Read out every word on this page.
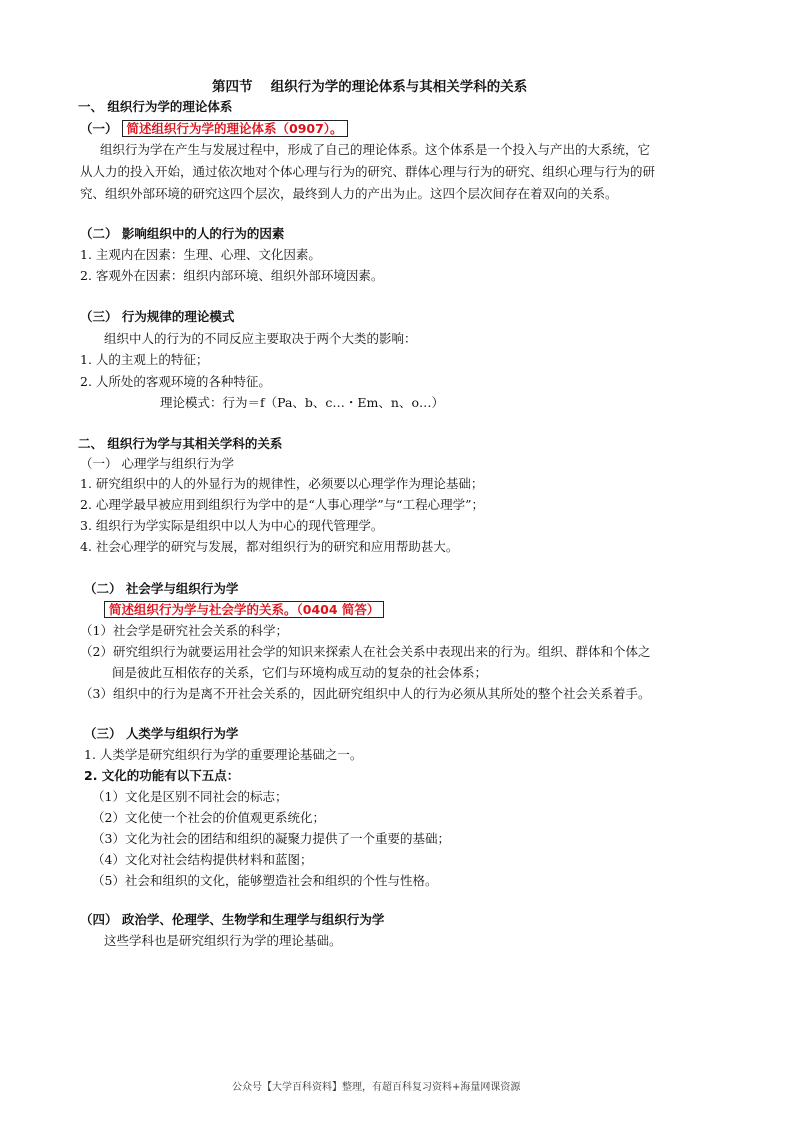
第四节 　组织行为学的理论体系与其相关学科的关系
一、 组织行为学的理论体系
（一） 简述组织行为学的理论体系（0907）。
组织行为学在产生与发展过程中，形成了自己的理论体系。这个体系是一个投入与产出的大系统，它
从人力的投入开始，通过依次地对个体心理与行为的研究、群体心理与行为的研究、组织心理与行为的研
究、组织外部环境的研究这四个层次，最终到人力的产出为止。这四个层次间存在着双向的关系。
（二） 影响组织中的人的行为的因素
1. 主观内在因素：生理、心理、文化因素。
2. 客观外在因素：组织内部环境、组织外部环境因素。
（三） 行为规律的理论模式
组织中人的行为的不同反应主要取决于两个大类的影响：
1. 人的主观上的特征；
2. 人所处的客观环境的各种特征。
理论模式：行为＝f（Pa、b、c…・Em、n、o…）
二、 组织行为学与其相关学科的关系
（一） 心理学与组织行为学
1. 研究组织中的人的外显行为的规律性，必须要以心理学作为理论基础；
2. 心理学最早被应用到组织行为学中的是“人事心理学”与“工程心理学”；
3. 组织行为学实际是组织中以人为中心的现代管理学。
4. 社会心理学的研究与发展，都对组织行为的研究和应用帮助甚大。
（二） 社会学与组织行为学
简述组织行为学与社会学的关系。（0404 简答）
（1）社会学是研究社会关系的科学；
（2）研究组织行为就要运用社会学的知识来探索人在社会关系中表现出来的行为。组织、群体和个体之
间是彼此互相依存的关系，它们与环境构成互动的复杂的社会体系；
（3）组织中的行为是离不开社会关系的，因此研究组织中人的行为必须从其所处的整个社会关系着手。
（三） 人类学与组织行为学
1. 人类学是研究组织行为学的重要理论基础之一。
2. 文化的功能有以下五点：
（1）文化是区别不同社会的标志；
（2）文化使一个社会的价值观更系统化；
（3）文化为社会的团结和组织的凝聚力提供了一个重要的基础；
（4）文化对社会结构提供材料和蓝图；
（5）社会和组织的文化，能够塑造社会和组织的个性与性格。
（四） 政治学、伦理学、生物学和生理学与组织行为学
这些学科也是研究组织行为学的理论基础。
公众号【大学百科资料】整理，有超百科复习资料+海量网课资源
